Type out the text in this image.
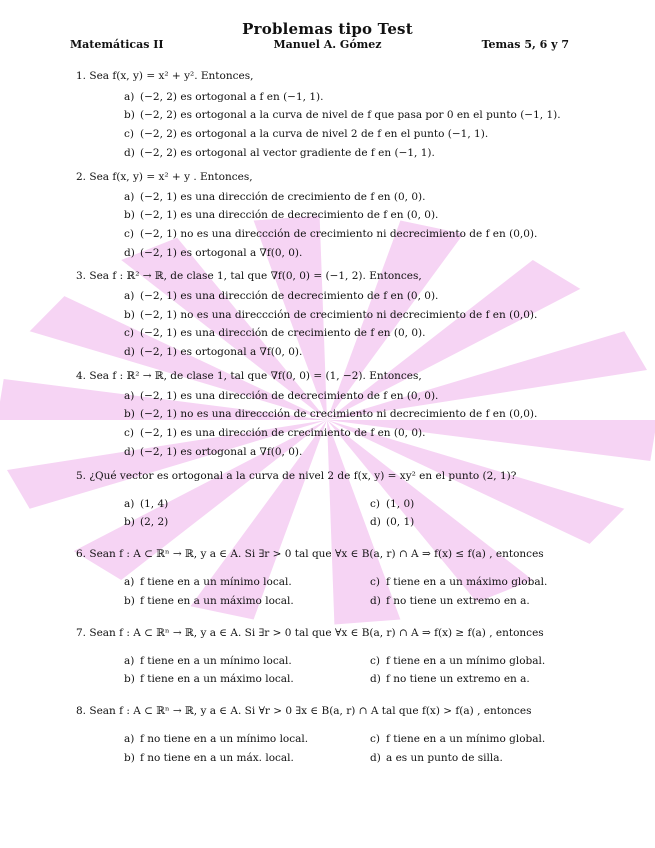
Problemas tipo Test
Matemáticas II	Manuel A. Gómez	Temas 5, 6 y 7
1. Sea f(x, y) = x² + y². Entonces,
a) (−2, 2) es ortogonal a f en (−1, 1).
b) (−2, 2) es ortogonal a la curva de nivel de f que pasa por 0 en el punto (−1, 1).
c) (−2, 2) es ortogonal a la curva de nivel 2 de f en el punto (−1, 1).
d) (−2, 2) es ortogonal al vector gradiente de f en (−1, 1).
2. Sea f(x, y) = x² + y . Entonces,
a) (−2, 1) es una dirección de crecimiento de f en (0, 0).
b) (−2, 1) es una dirección de decrecimiento de f en (0, 0).
c) (−2, 1) no es una direccción de crecimiento ni decrecimiento de f en (0,0).
d) (−2, 1) es ortogonal a ∇f(0, 0).
3. Sea f : ℝ² → ℝ, de clase 1, tal que ∇f(0, 0) = (−1, 2). Entonces,
a) (−2, 1) es una dirección de decrecimiento de f en (0, 0).
b) (−2, 1) no es una direccción de crecimiento ni decrecimiento de f en (0,0).
c) (−2, 1) es una dirección de crecimiento de f en (0, 0).
d) (−2, 1) es ortogonal a ∇f(0, 0).
4. Sea f : ℝ² → ℝ, de clase 1, tal que ∇f(0, 0) = (1, −2). Entonces,
a) (−2, 1) es una dirección de decrecimiento de f en (0, 0).
b) (−2, 1) no es una direccción de crecimiento ni decrecimiento de f en (0,0).
c) (−2, 1) es una dirección de crecimiento de f en (0, 0).
d) (−2, 1) es ortogonal a ∇f(0, 0).
5. ¿Qué vector es ortogonal a la curva de nivel 2 de f(x, y) = xy² en el punto (2, 1)?
a) (1, 4)
b) (2, 2)
c) (1, 0)
d) (0, 1)
6. Sean f : A ⊂ ℝⁿ → ℝ, y a ∈ A. Si ∃r > 0 tal que ∀x ∈ B(a, r) ∩ A ⇒ f(x) ≤ f(a) , entonces
a) f tiene en a un mínimo local.
b) f tiene en a un máximo local.
c) f tiene en a un máximo global.
d) f no tiene un extremo en a.
7. Sean f : A ⊂ ℝⁿ → ℝ, y a ∈ A. Si ∃r > 0 tal que ∀x ∈ B(a, r) ∩ A ⇒ f(x) ≥ f(a) , entonces
a) f tiene en a un mínimo local.
b) f tiene en a un máximo local.
c) f tiene en a un mínimo global.
d) f no tiene un extremo en a.
8. Sean f : A ⊂ ℝⁿ → ℝ, y a ∈ A. Si ∀r > 0 ∃x ∈ B(a, r) ∩ A tal que f(x) > f(a) , entonces
a) f no tiene en a un mínimo local.
b) f no tiene en a un máx. local.
c) f tiene en a un mínimo global.
d) a es un punto de silla.
